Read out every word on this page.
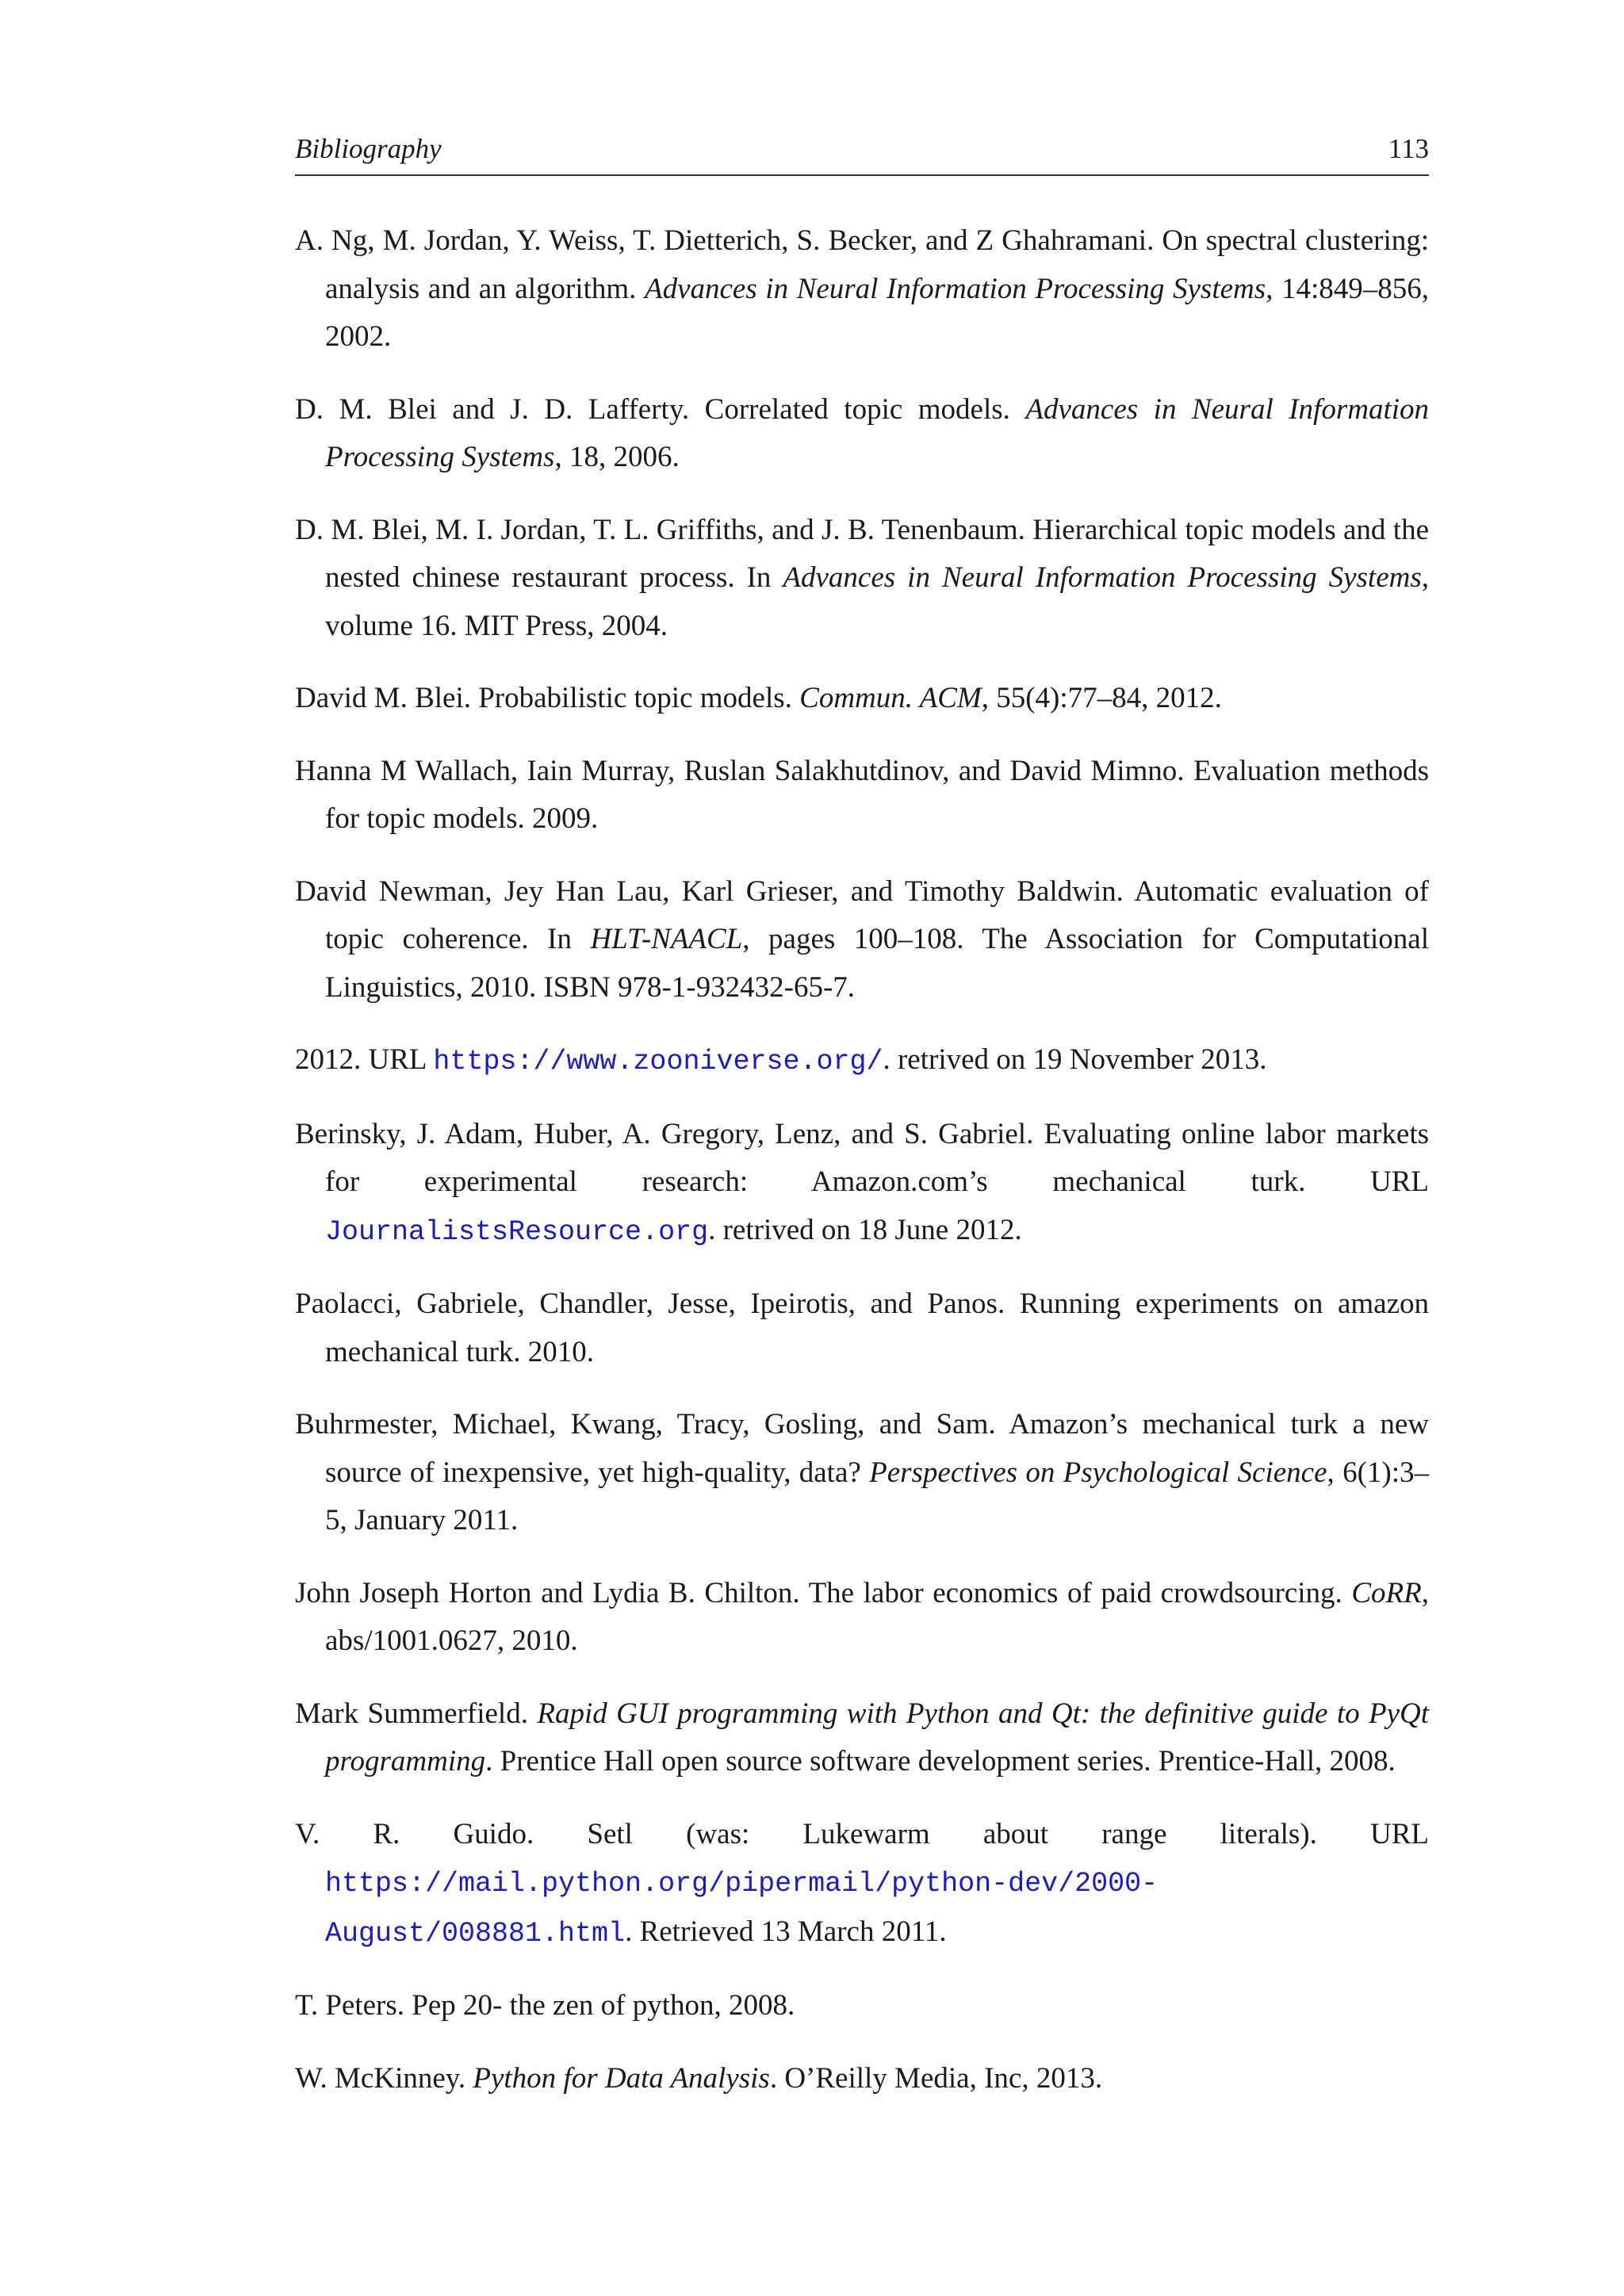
Bibliography	113
A. Ng, M. Jordan, Y. Weiss, T. Dietterich, S. Becker, and Z Ghahramani. On spectral clustering: analysis and an algorithm. Advances in Neural Information Processing Systems, 14:849–856, 2002.
D. M. Blei and J. D. Lafferty. Correlated topic models. Advances in Neural Information Processing Systems, 18, 2006.
D. M. Blei, M. I. Jordan, T. L. Griffiths, and J. B. Tenenbaum. Hierarchical topic models and the nested chinese restaurant process. In Advances in Neural Information Processing Systems, volume 16. MIT Press, 2004.
David M. Blei. Probabilistic topic models. Commun. ACM, 55(4):77–84, 2012.
Hanna M Wallach, Iain Murray, Ruslan Salakhutdinov, and David Mimno. Evaluation methods for topic models. 2009.
David Newman, Jey Han Lau, Karl Grieser, and Timothy Baldwin. Automatic evaluation of topic coherence. In HLT-NAACL, pages 100–108. The Association for Computational Linguistics, 2010. ISBN 978-1-932432-65-7.
2012. URL https://www.zooniverse.org/. retrived on 19 November 2013.
Berinsky, J. Adam, Huber, A. Gregory, Lenz, and S. Gabriel. Evaluating online labor markets for experimental research: Amazon.com’s mechanical turk. URL JournalistsResource.org. retrived on 18 June 2012.
Paolacci, Gabriele, Chandler, Jesse, Ipeirotis, and Panos. Running experiments on amazon mechanical turk. 2010.
Buhrmester, Michael, Kwang, Tracy, Gosling, and Sam. Amazon’s mechanical turk a new source of inexpensive, yet high-quality, data? Perspectives on Psychological Science, 6(1):3–5, January 2011.
John Joseph Horton and Lydia B. Chilton. The labor economics of paid crowdsourcing. CoRR, abs/1001.0627, 2010.
Mark Summerfield. Rapid GUI programming with Python and Qt: the definitive guide to PyQt programming. Prentice Hall open source software development series. Prentice-Hall, 2008.
V. R. Guido. Setl (was: Lukewarm about range literals). URL https://mail.python.org/pipermail/python-dev/2000-August/008881.html. Retrieved 13 March 2011.
T. Peters. Pep 20- the zen of python, 2008.
W. McKinney. Python for Data Analysis. O’Reilly Media, Inc, 2013.
